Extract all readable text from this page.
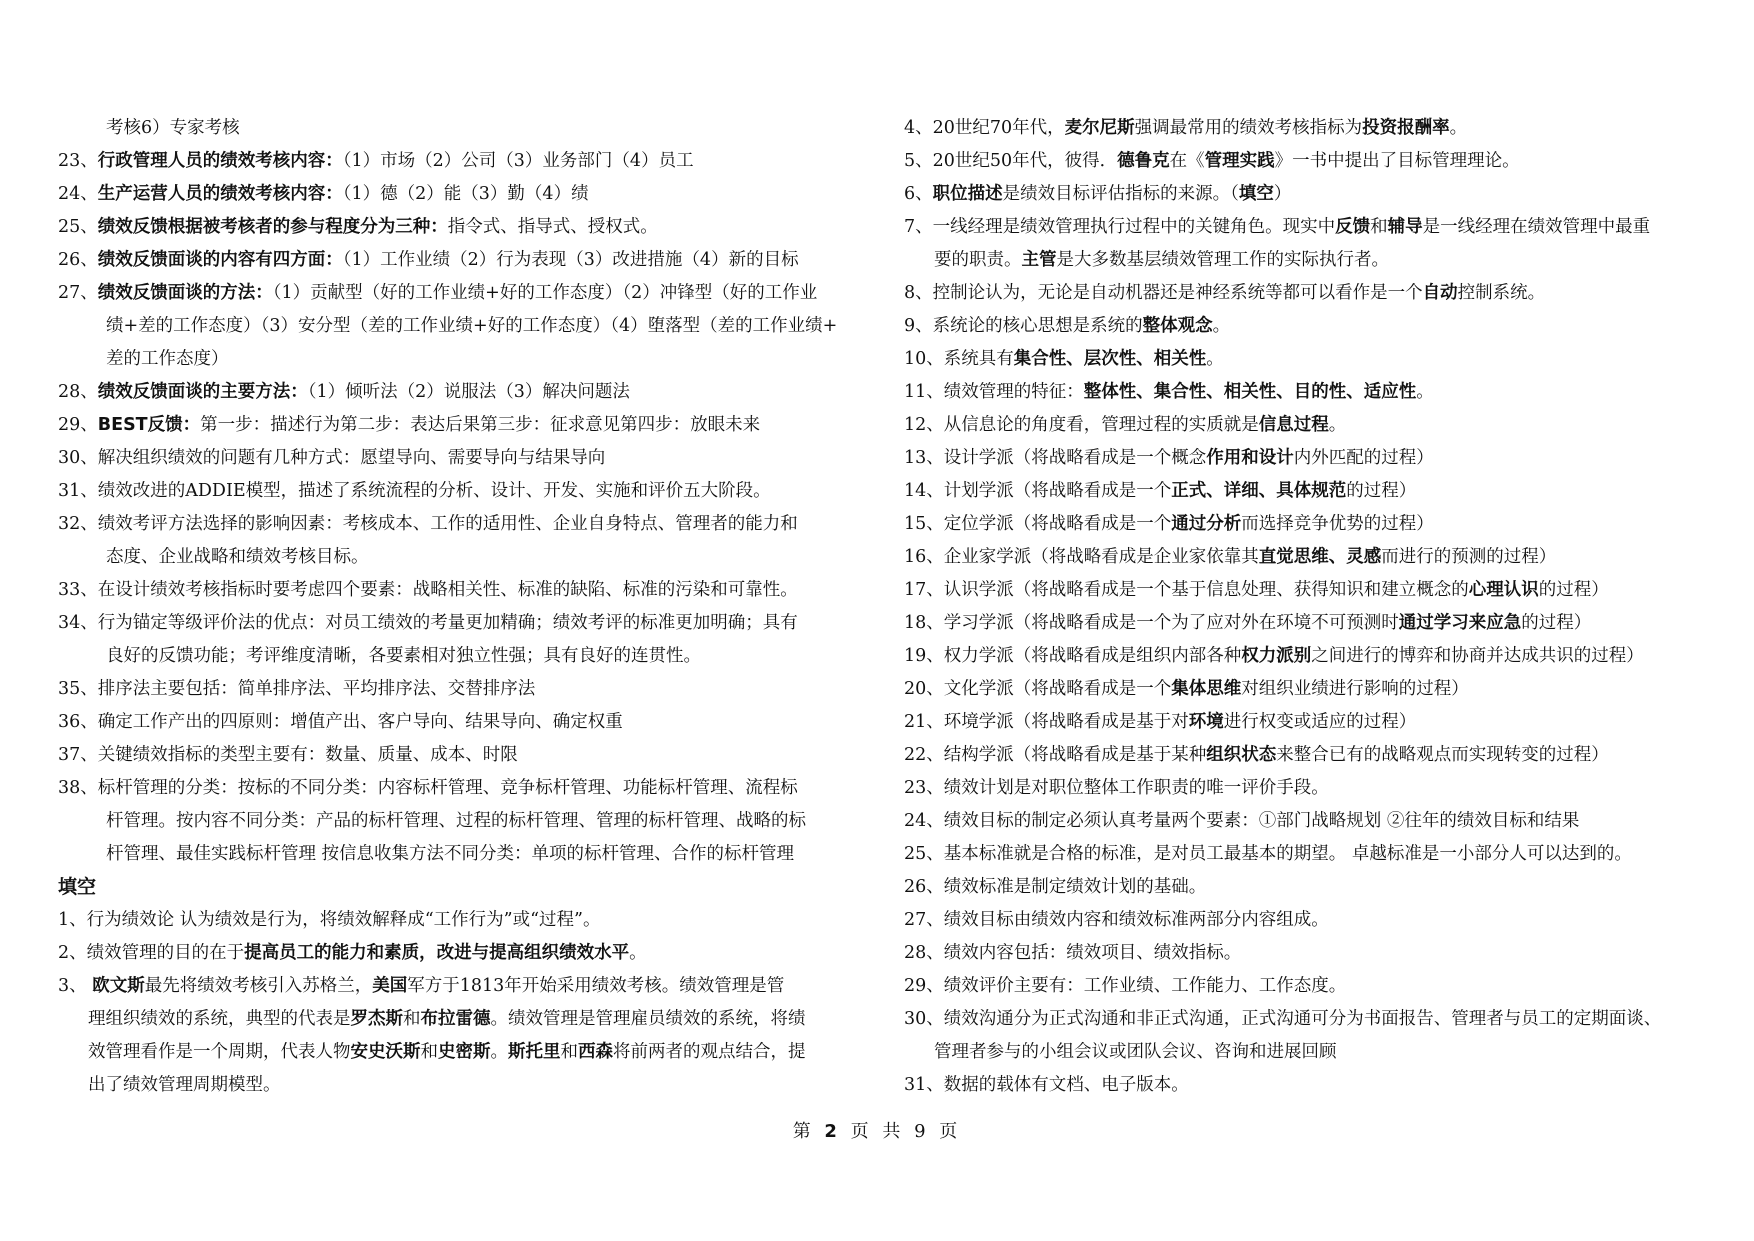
考核6）专家考核
23、行政管理人员的绩效考核内容：（1）市场（2）公司（3）业务部门（4）员工
24、生产运营人员的绩效考核内容：（1）德（2）能（3）勤（4）绩
25、绩效反馈根据被考核者的参与程度分为三种：指令式、指导式、授权式。
26、绩效反馈面谈的内容有四方面：（1）工作业绩（2）行为表现（3）改进措施（4）新的目标
27、绩效反馈面谈的方法：（1）贡献型（好的工作业绩+好的工作态度）（2）冲锋型（好的工作业
绩+差的工作态度）（3）安分型（差的工作业绩+好的工作态度）（4）堕落型（差的工作业绩+
差的工作态度）
28、绩效反馈面谈的主要方法：（1）倾听法（2）说服法（3）解决问题法
29、BEST反馈：第一步：描述行为第二步：表达后果第三步：征求意见第四步：放眼未来
30、解决组织绩效的问题有几种方式：愿望导向、需要导向与结果导向
31、绩效改进的ADDIE模型，描述了系统流程的分析、设计、开发、实施和评价五大阶段。
32、绩效考评方法选择的影响因素：考核成本、工作的适用性、企业自身特点、管理者的能力和
态度、企业战略和绩效考核目标。
33、在设计绩效考核指标时要考虑四个要素：战略相关性、标准的缺陷、标准的污染和可靠性。
34、行为锚定等级评价法的优点：对员工绩效的考量更加精确；绩效考评的标准更加明确；具有
良好的反馈功能；考评维度清晰，各要素相对独立性强；具有良好的连贯性。
35、排序法主要包括：简单排序法、平均排序法、交替排序法
36、确定工作产出的四原则：增值产出、客户导向、结果导向、确定权重
37、关键绩效指标的类型主要有：数量、质量、成本、时限
38、标杆管理的分类：按标的不同分类：内容标杆管理、竞争标杆管理、功能标杆管理、流程标
杆管理。按内容不同分类：产品的标杆管理、过程的标杆管理、管理的标杆管理、战略的标
杆管理、最佳实践标杆管理 按信息收集方法不同分类：单项的标杆管理、合作的标杆管理
填空
1、行为绩效论 认为绩效是行为，将绩效解释成“工作行为”或“过程”。
2、绩效管理的目的在于提高员工的能力和素质，改进与提高组织绩效水平。
3、 欧文斯最先将绩效考核引入苏格兰，美国军方于1813年开始采用绩效考核。绩效管理是管
理组织绩效的系统，典型的代表是罗杰斯和布拉雷德。绩效管理是管理雇员绩效的系统，将绩
效管理看作是一个周期，代表人物安史沃斯和史密斯。斯托里和西森将前两者的观点结合，提
出了绩效管理周期模型。
4、20世纪70年代，麦尔尼斯强调最常用的绩效考核指标为投资报酬率。
5、20世纪50年代，彼得．德鲁克在《管理实践》一书中提出了目标管理理论。
6、职位描述是绩效目标评估指标的来源。（填空）
7、一线经理是绩效管理执行过程中的关键角色。现实中反馈和辅导是一线经理在绩效管理中最重
要的职责。主管是大多数基层绩效管理工作的实际执行者。
8、控制论认为，无论是自动机器还是神经系统等都可以看作是一个自动控制系统。
9、系统论的核心思想是系统的整体观念。
10、系统具有集合性、层次性、相关性。
11、绩效管理的特征：整体性、集合性、相关性、目的性、适应性。
12、从信息论的角度看，管理过程的实质就是信息过程。
13、设计学派（将战略看成是一个概念作用和设计内外匹配的过程）
14、计划学派（将战略看成是一个正式、详细、具体规范的过程）
15、定位学派（将战略看成是一个通过分析而选择竞争优势的过程）
16、企业家学派（将战略看成是企业家依靠其直觉思维、灵感而进行的预测的过程）
17、认识学派（将战略看成是一个基于信息处理、获得知识和建立概念的心理认识的过程）
18、学习学派（将战略看成是一个为了应对外在环境不可预测时通过学习来应急的过程）
19、权力学派（将战略看成是组织内部各种权力派别之间进行的博弈和协商并达成共识的过程）
20、文化学派（将战略看成是一个集体思维对组织业绩进行影响的过程）
21、环境学派（将战略看成是基于对环境进行权变或适应的过程）
22、结构学派（将战略看成是基于某种组织状态来整合已有的战略观点而实现转变的过程）
23、绩效计划是对职位整体工作职责的唯一评价手段。
24、绩效目标的制定必须认真考量两个要素：①部门战略规划 ②往年的绩效目标和结果
25、基本标准就是合格的标准，是对员工最基本的期望。 卓越标准是一小部分人可以达到的。
26、绩效标准是制定绩效计划的基础。
27、绩效目标由绩效内容和绩效标准两部分内容组成。
28、绩效内容包括：绩效项目、绩效指标。
29、绩效评价主要有：工作业绩、工作能力、工作态度。
30、绩效沟通分为正式沟通和非正式沟通，正式沟通可分为书面报告、管理者与员工的定期面谈、
管理者参与的小组会议或团队会议、咨询和进展回顾
31、数据的载体有文档、电子版本。
第 2 页 共 9 页
